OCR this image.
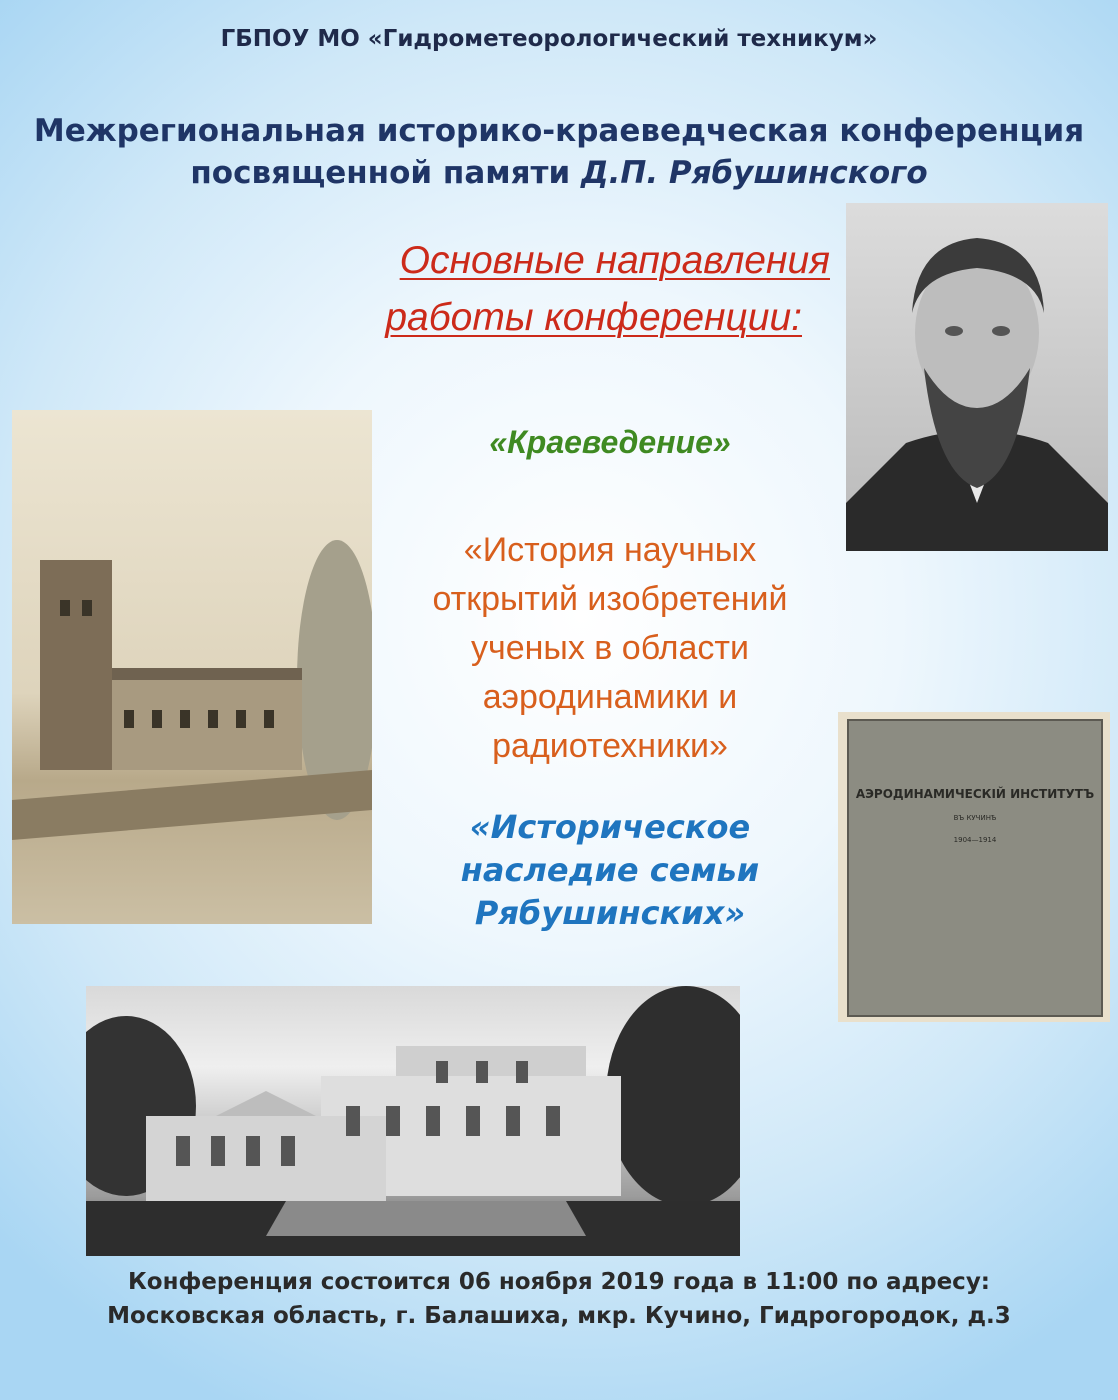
ГБПОУ МО «Гидрометеорологический техникум»
Межрегиональная историко-краеведческая конференция
посвященной памяти Д.П. Рябушинского
Основные направления
работы конференции:
«Краеведение»
«История научных
открытий изобретений
ученых в области
аэродинамики и
радиотехники»
«Историческое
наследие семьи
Рябушинских»
АЭРОДИНАМИЧЕСКIЙ ИНСТИТУТЪ
ВЪ КУЧИНѢ
1904—1914
Конференция состоится 06 ноября 2019 года в 11:00 по адресу:
Московская область, г. Балашиха, мкр. Кучино, Гидрогородок, д.3
